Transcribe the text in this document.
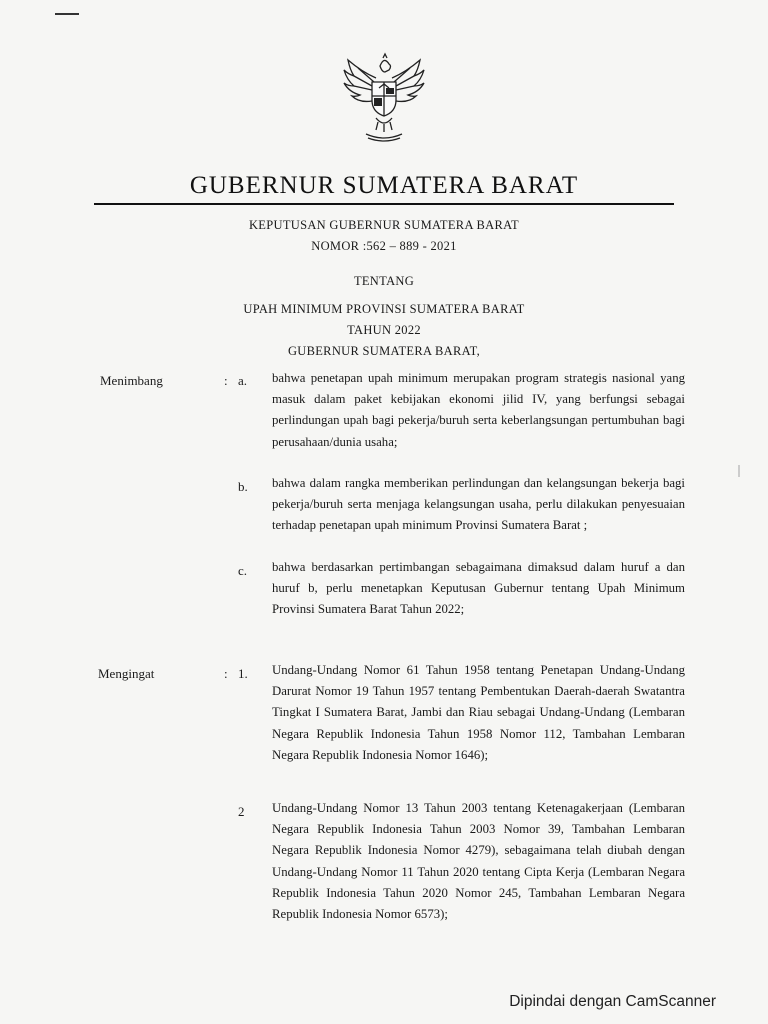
GUBERNUR SUMATERA BARAT
KEPUTUSAN GUBERNUR SUMATERA BARAT
NOMOR :562 – 889 - 2021
TENTANG
UPAH MINIMUM PROVINSI SUMATERA BARAT
TAHUN 2022
GUBERNUR SUMATERA BARAT,
Menimbang	: a. bahwa penetapan upah minimum merupakan program strategis nasional yang masuk dalam paket kebijakan ekonomi jilid IV, yang berfungsi sebagai perlindungan upah bagi pekerja/buruh serta keberlangsungan pertumbuhan bagi perusahaan/dunia usaha;
b. bahwa dalam rangka memberikan perlindungan dan kelangsungan bekerja bagi pekerja/buruh serta menjaga kelangsungan usaha, perlu dilakukan penyesuaian terhadap penetapan upah minimum Provinsi Sumatera Barat ;
c. bahwa berdasarkan pertimbangan sebagaimana dimaksud dalam huruf a dan huruf b, perlu menetapkan Keputusan Gubernur tentang Upah Minimum Provinsi Sumatera Barat Tahun 2022;
Mengingat	: 1. Undang-Undang Nomor 61 Tahun 1958 tentang Penetapan Undang-Undang Darurat Nomor 19 Tahun 1957 tentang Pembentukan Daerah-daerah Swatantra Tingkat I Sumatera Barat, Jambi dan Riau sebagai Undang-Undang (Lembaran Negara Republik Indonesia Tahun 1958 Nomor 112, Tambahan Lembaran Negara Republik Indonesia Nomor 1646);
2 Undang-Undang Nomor 13 Tahun 2003 tentang Ketenagakerjaan (Lembaran Negara Republik Indonesia Tahun 2003 Nomor 39, Tambahan Lembaran Negara Republik Indonesia Nomor 4279), sebagaimana telah diubah dengan Undang-Undang Nomor 11 Tahun 2020 tentang Cipta Kerja (Lembaran Negara Republik Indonesia Tahun 2020 Nomor 245, Tambahan Lembaran Negara Republik Indonesia Nomor 6573);
Dipindai dengan CamScanner
